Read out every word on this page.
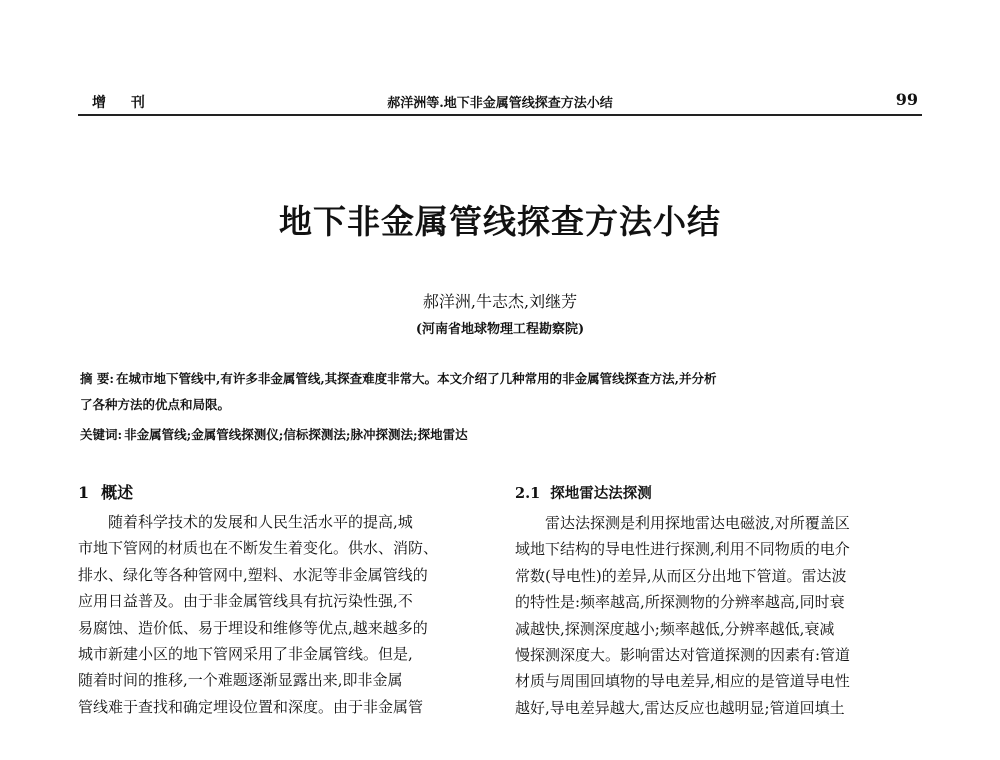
增 刊	郝洋洲等.地下非金属管线探查方法小结	99
地下非金属管线探查方法小结
郝洋洲,牛志杰,刘继芳
(河南省地球物理工程勘察院)
摘 要: 在城市地下管线中,有许多非金属管线,其探查难度非常大。本文介绍了几种常用的非金属管线探查方法,并分析
了各种方法的优点和局限。
关键词: 非金属管线;金属管线探测仪;信标探测法;脉冲探测法;探地雷达
1 概述
随着科学技术的发展和人民生活水平的提高,城
市地下管网的材质也在不断发生着变化。供水、消防、
排水、绿化等各种管网中,塑料、水泥等非金属管线的
应用日益普及。由于非金属管线具有抗污染性强,不
易腐蚀、造价低、易于埋设和维修等优点,越来越多的
城市新建小区的地下管网采用了非金属管线。但是,
随着时间的推移,一个难题逐渐显露出来,即非金属
管线难于查找和确定埋设位置和深度。由于非金属管
2.1 探地雷达法探测
雷达法探测是利用探地雷达电磁波,对所覆盖区
域地下结构的导电性进行探测,利用不同物质的电介
常数(导电性)的差异,从而区分出地下管道。雷达波
的特性是:频率越高,所探测物的分辨率越高,同时衰
减越快,探测深度越小;频率越低,分辨率越低,衰减
慢探测深度大。影响雷达对管道探测的因素有:管道
材质与周围回填物的导电差异,相应的是管道导电性
越好,导电差异越大,雷达反应也越明显;管道回填土
